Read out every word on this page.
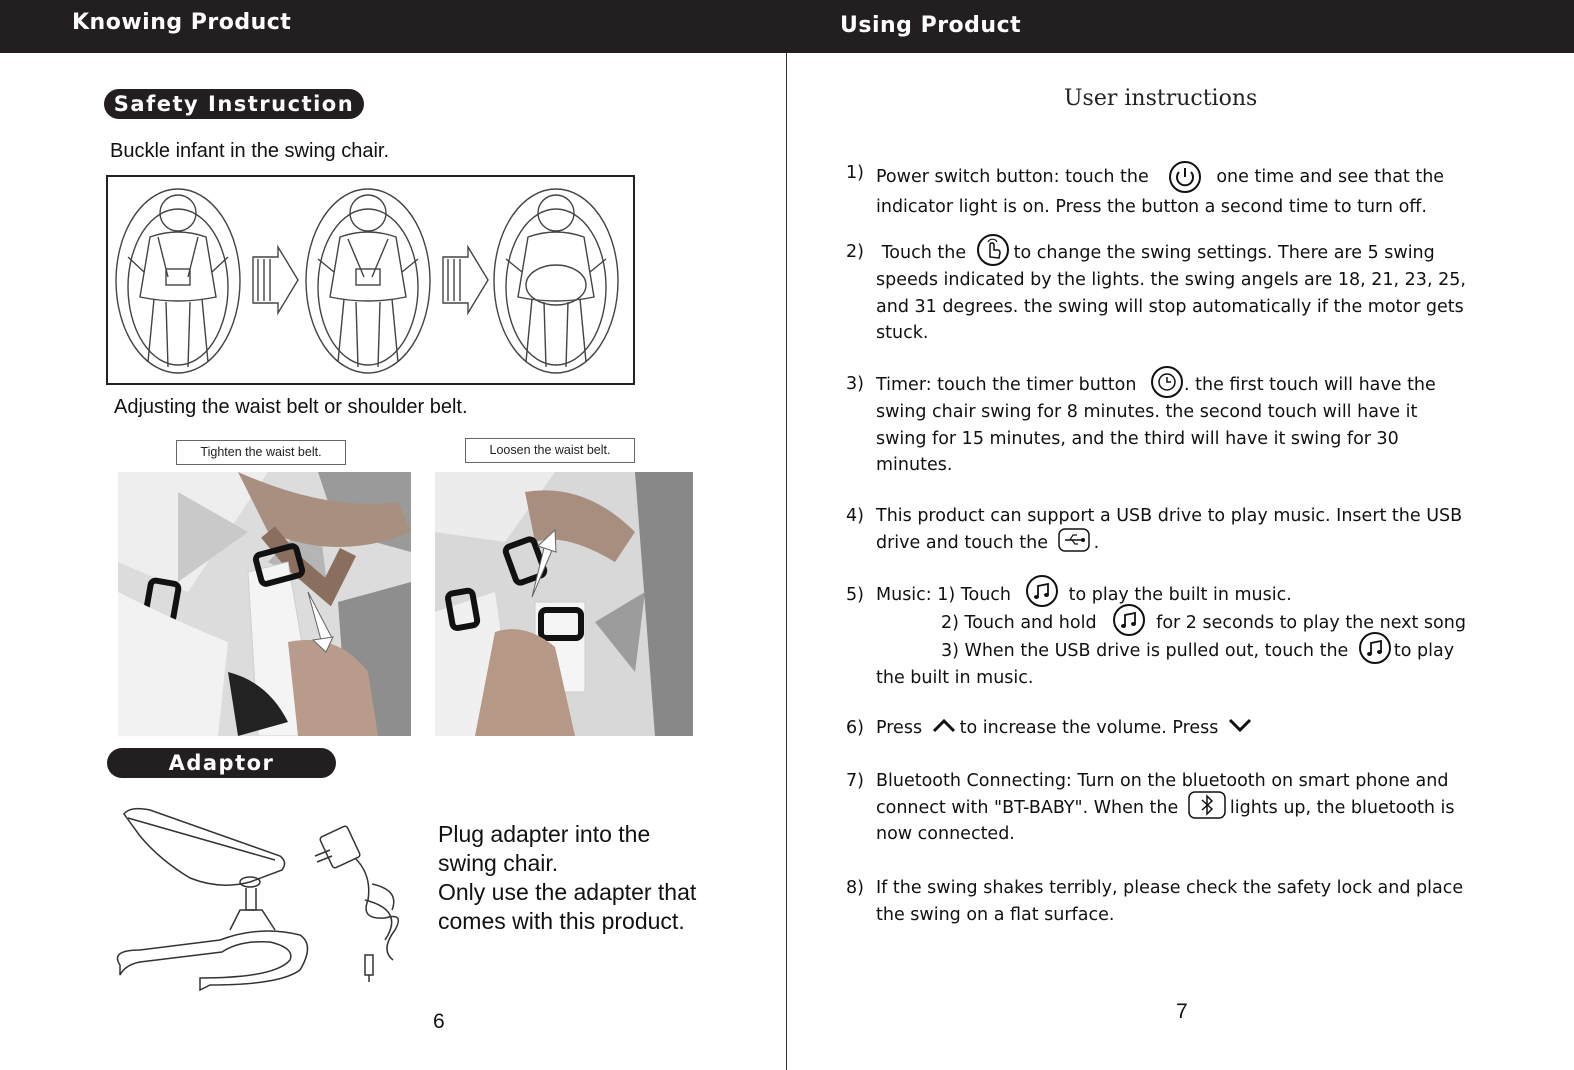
Knowing Product	Using Product
Safety Instruction
Buckle infant in the swing chair.
Adjusting the waist belt or shoulder belt.
Tighten the waist belt.	Loosen the waist belt.
Adaptor
Plug adapter into the
swing chair.
Only use the adapter that
comes with this product.
6
User instructions
1) Power switch button: touch the	one time and see that the
indicator light is on. Press the button a second time to turn off.
2)	Touch the	to change the swing settings. There are 5 swing
speeds indicated by the lights. the swing angels are 18, 21, 23, 25,
and 31 degrees. the swing will stop automatically if the motor gets
stuck.
3) Timer: touch the timer button	. the first touch will have the
swing chair swing for 8 minutes. the second touch will have it
swing for 15 minutes, and the third will have it swing for 30
minutes.
4) This product can support a USB drive to play music. Insert the USB
drive and touch the	.
5) Music: 1) Touch	to play the built in music.
2) Touch and hold	for 2 seconds to play the next song
3) When the USB drive is pulled out, touch the	to play
the built in music.
6) Press to increase the volume. Press
7) Bluetooth Connecting: Turn on the bluetooth on smart phone and
connect with "BT-BABY". When the	lights up, the bluetooth is
now connected.
8) If the swing shakes terribly, please check the safety lock and place
the swing on a flat surface.
7
